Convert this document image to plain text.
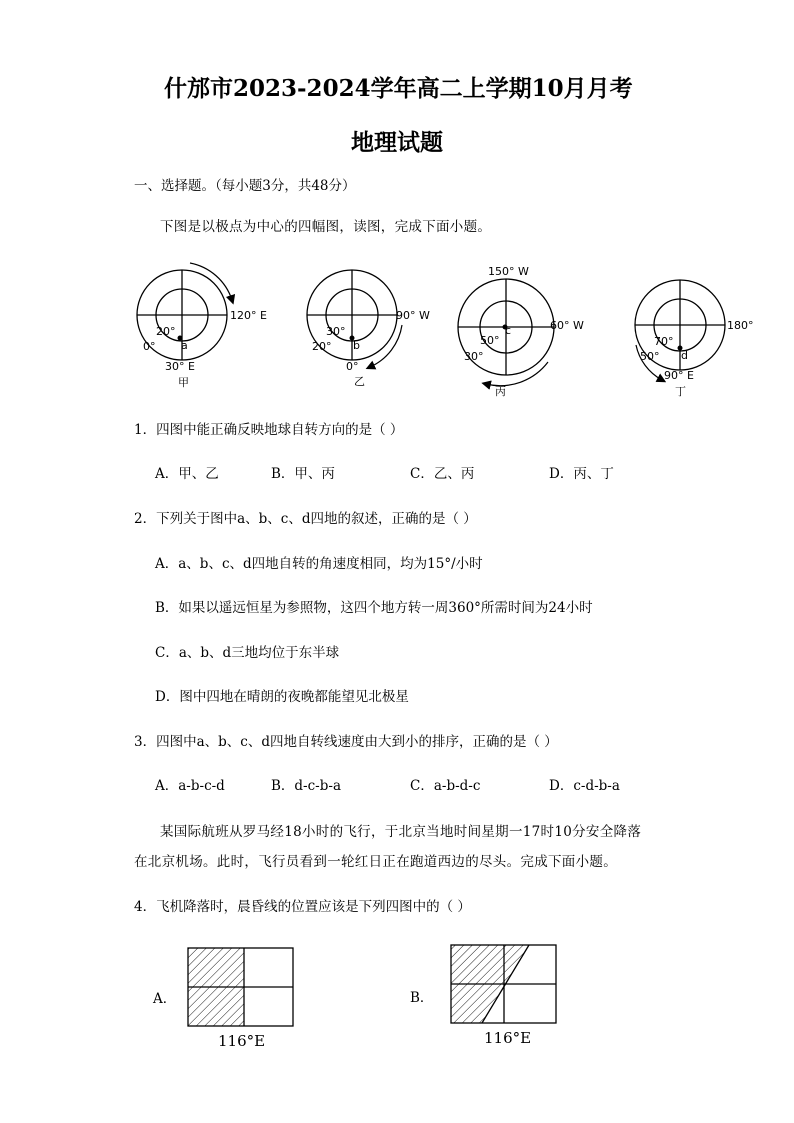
什邡市2023-2024学年高二上学期10月月考
地理试题
一、选择题。（每小题3分，共48分）
下图是以极点为中心的四幅图，读图，完成下面小题。
120° E
20°
0° a
30° E
甲
90° W
30°
20° b
0°
乙
150° W
60° W
50°
30°
c
丙
180°
70°
50° d
90° E
丁
1．四图中能正确反映地球自转方向的是（ ）
A．甲、乙	B．甲、丙	C．乙、丙	D．丙、丁
2．下列关于图中a、b、c、d四地的叙述，正确的是（ ）
A．a、b、c、d四地自转的角速度相同，均为15°/小时
B．如果以遥远恒星为参照物，这四个地方转一周360°所需时间为24小时
C．a、b、d三地均位于东半球
D．图中四地在晴朗的夜晚都能望见北极星
3．四图中a、b、c、d四地自转线速度由大到小的排序，正确的是（ ）
A．a-b-c-d	B．d-c-b-a	C．a-b-d-c	D．c-d-b-a
某国际航班从罗马经18小时的飞行，于北京当地时间星期一17时10分安全降落
在北京机场。此时，飞行员看到一轮红日正在跑道西边的尽头。完成下面小题。
4．飞机降落时，晨昏线的位置应该是下列四图中的（ ）
A．	B．
116°E	116°E
